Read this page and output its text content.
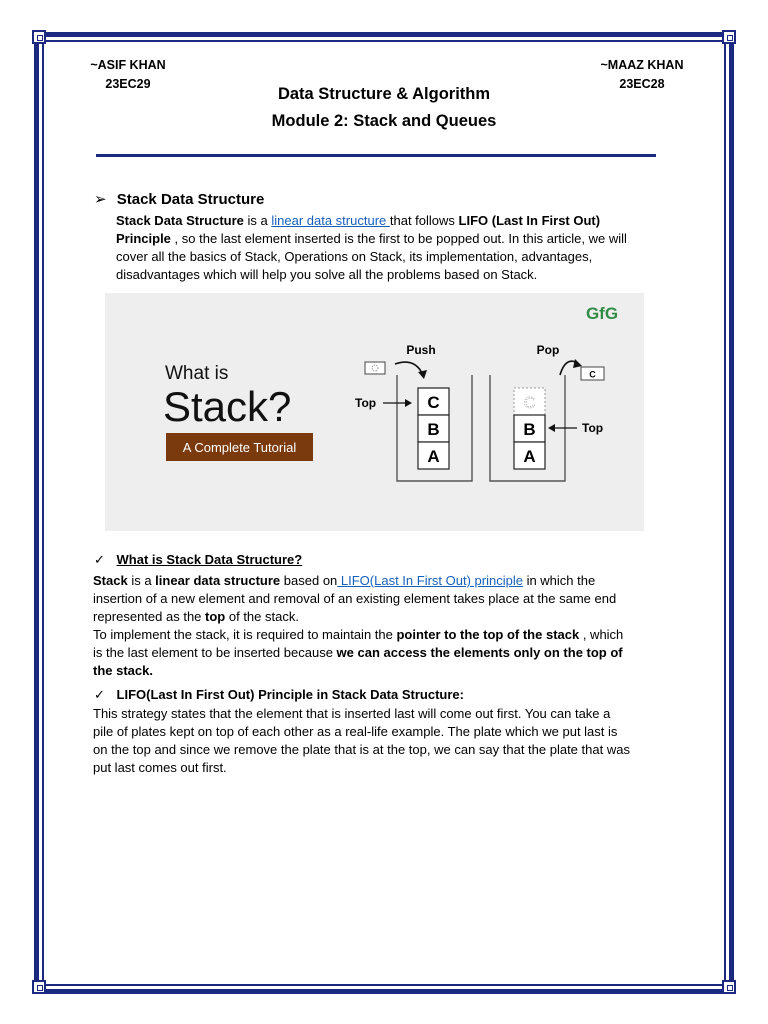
~ASIF KHAN
23EC29
~MAAZ KHAN
23EC28
Data Structure & Algorithm
Module 2: Stack and Queues
➢ Stack Data Structure
Stack Data Structure is a linear data structure that follows LIFO (Last In First Out)
Principle , so the last element inserted is the first to be popped out. In this article, we will
cover all the basics of Stack, Operations on Stack, its implementation, advantages,
disadvantages which will help you solve all the problems based on Stack.
GfG
What is
Stack?
A Complete Tutorial
C
B
A
Push
Top	C
B
A
Pop
C
Top
✓ What is Stack Data Structure?
Stack is a linear data structure based on LIFO(Last In First Out) principle in which the
insertion of a new element and removal of an existing element takes place at the same end
represented as the top of the stack.
To implement the stack, it is required to maintain the pointer to the top of the stack , which
is the last element to be inserted because we can access the elements only on the top of
the stack.
✓ LIFO(Last In First Out) Principle in Stack Data Structure:
This strategy states that the element that is inserted last will come out first. You can take a
pile of plates kept on top of each other as a real-life example. The plate which we put last is
on the top and since we remove the plate that is at the top, we can say that the plate that was
put last comes out first.
